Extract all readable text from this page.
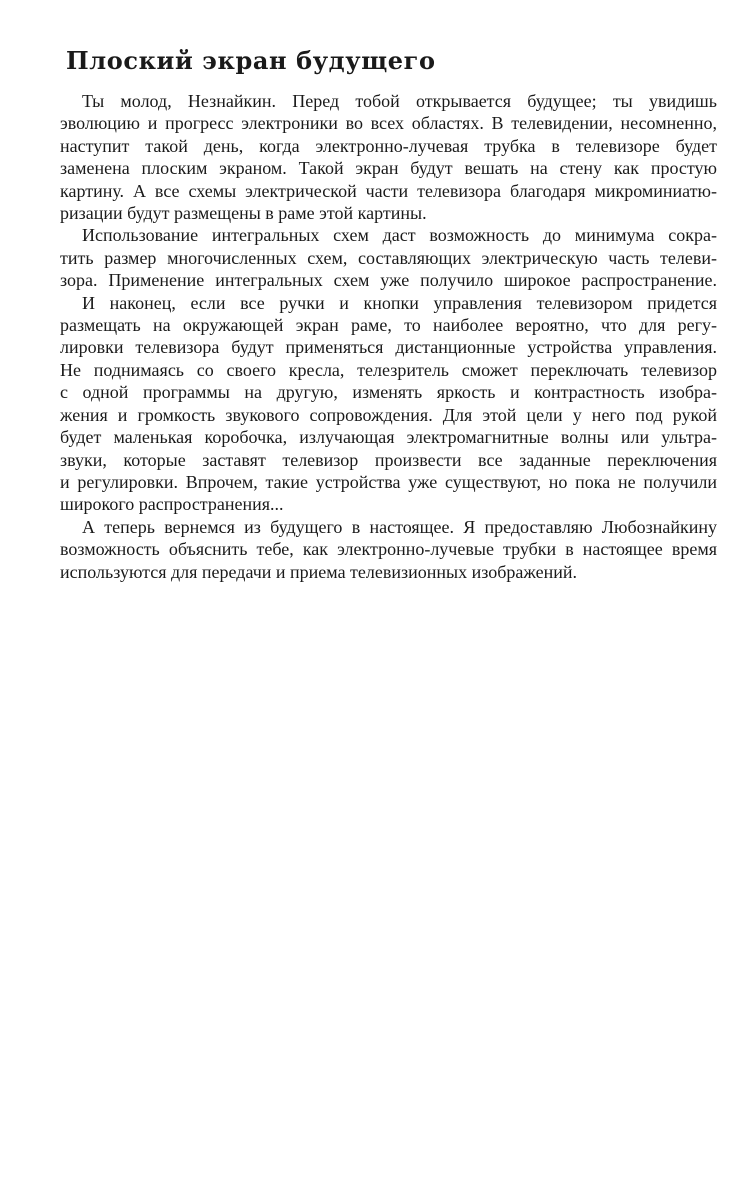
Плоский экран будущего

Ты молод, Незнайкин. Перед тобой открывается будущее; ты увидишь
эволюцию и прогресс электроники во всех областях. В телевидении, несомненно,
наступит такой день, когда электронно-лучевая трубка в телевизоре будет
заменена плоским экраном. Такой экран будут вешать на стену как простую
картину. А все схемы электрической части телевизора благодаря микроминиатю-
ризации будут размещены в раме этой картины.

Использование интегральных схем даст возможность до минимума сокра-
тить размер многочисленных схем, составляющих электрическую часть телеви-
зора. Применение интегральных схем уже получило широкое распространение.

И наконец, если все ручки и кнопки управления телевизором придется
размещать на окружающей экран раме, то наиболее вероятно, что для регу-
лировки телевизора будут применяться дистанционные устройства управления.
Не поднимаясь со своего кресла, телезритель сможет переключать телевизор
с одной программы на другую, изменять яркость и контрастность изобра-
жения и громкость звукового сопровождения. Для этой цели у него под рукой
будет маленькая коробочка, излучающая электромагнитные волны или ультра-
звуки, которые заставят телевизор произвести все заданные переключения
и регулировки. Впрочем, такие устройства уже существуют, но пока не получили
широкого распространения...

А теперь вернемся из будущего в настоящее. Я предоставляю Любознайкину
возможность объяснить тебе, как электронно-лучевые трубки в настоящее время
используются для передачи и приема телевизионных изображений.
